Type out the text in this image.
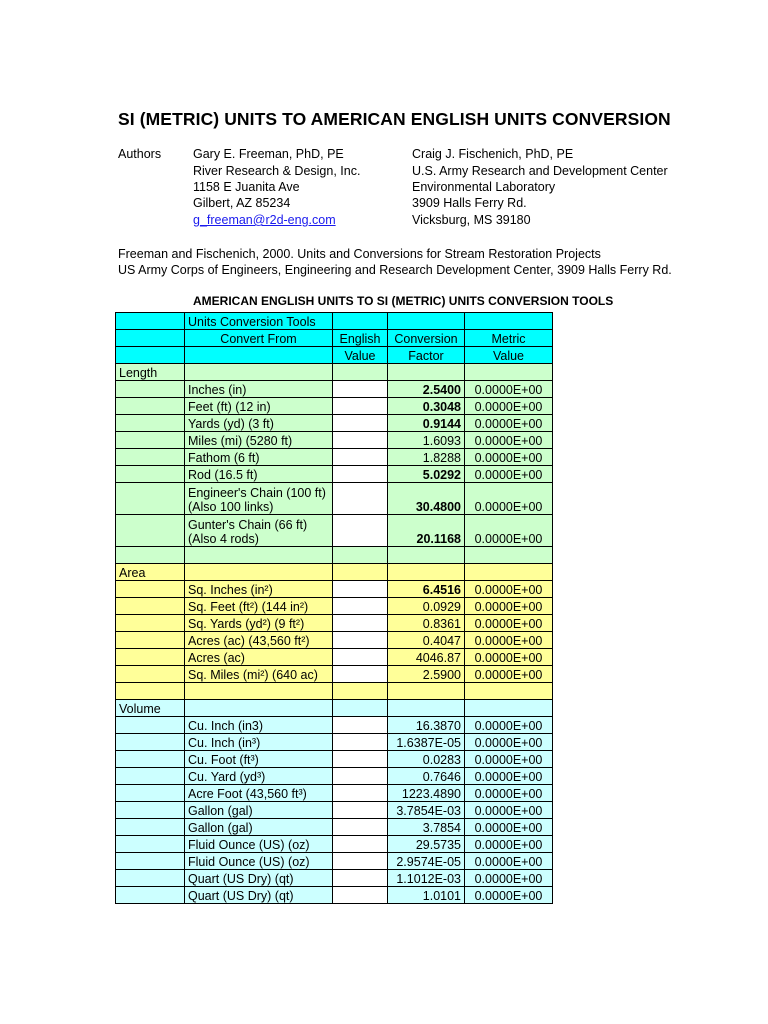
SI (METRIC) UNITS TO AMERICAN ENGLISH UNITS CONVERSION
Authors	Gary E. Freeman, PhD, PE
River Research & Design, Inc.
1158 E Juanita Ave
Gilbert, AZ 85234
g_freeman@r2d-eng.com
Craig J. Fischenich, PhD, PE
U.S. Army Research and Development Center
Environmental Laboratory
3909 Halls Ferry Rd.
Vicksburg, MS 39180
Freeman and Fischenich, 2000. Units and Conversions for Stream Restoration Projects
US Army Corps of Engineers, Engineering and Research Development Center, 3909 Halls Ferry Rd.
AMERICAN ENGLISH UNITS TO SI (METRIC) UNITS CONVERSION TOOLS
	Units Conversion Tools			
	Convert From	English	Conversion	Metric
		Value	Factor	Value
Length				
	Inches (in)		2.5400	0.0000E+00
	Feet (ft) (12 in)		0.3048	0.0000E+00
	Yards (yd) (3 ft)		0.9144	0.0000E+00
	Miles (mi) (5280 ft)		1.6093	0.0000E+00
	Fathom (6 ft)		1.8288	0.0000E+00
	Rod (16.5 ft)		5.0292	0.0000E+00
	Engineer's Chain (100 ft)
(Also 100 links)		30.4800	0.0000E+00
	Gunter's Chain (66 ft)
(Also 4 rods)		20.1168	0.0000E+00

Area				
	Sq. Inches (in²)		6.4516	0.0000E+00
	Sq. Feet (ft²) (144 in²)		0.0929	0.0000E+00
	Sq. Yards (yd²) (9 ft²)		0.8361	0.0000E+00
	Acres (ac) (43,560 ft²)		0.4047	0.0000E+00
	Acres (ac)		4046.87	0.0000E+00
	Sq. Miles (mi²) (640 ac)		2.5900	0.0000E+00

Volume				
	Cu. Inch (in3)		16.3870	0.0000E+00
	Cu. Inch (in³)		1.6387E-05	0.0000E+00
	Cu. Foot (ft³)		0.0283	0.0000E+00
	Cu. Yard (yd³)		0.7646	0.0000E+00
	Acre Foot (43,560 ft³)		1223.4890	0.0000E+00
	Gallon (gal)		3.7854E-03	0.0000E+00
	Gallon (gal)		3.7854	0.0000E+00
	Fluid Ounce (US) (oz)		29.5735	0.0000E+00
	Fluid Ounce (US) (oz)		2.9574E-05	0.0000E+00
	Quart (US Dry) (qt)		1.1012E-03	0.0000E+00
	Quart (US Dry) (qt)		1.0101	0.0000E+00
